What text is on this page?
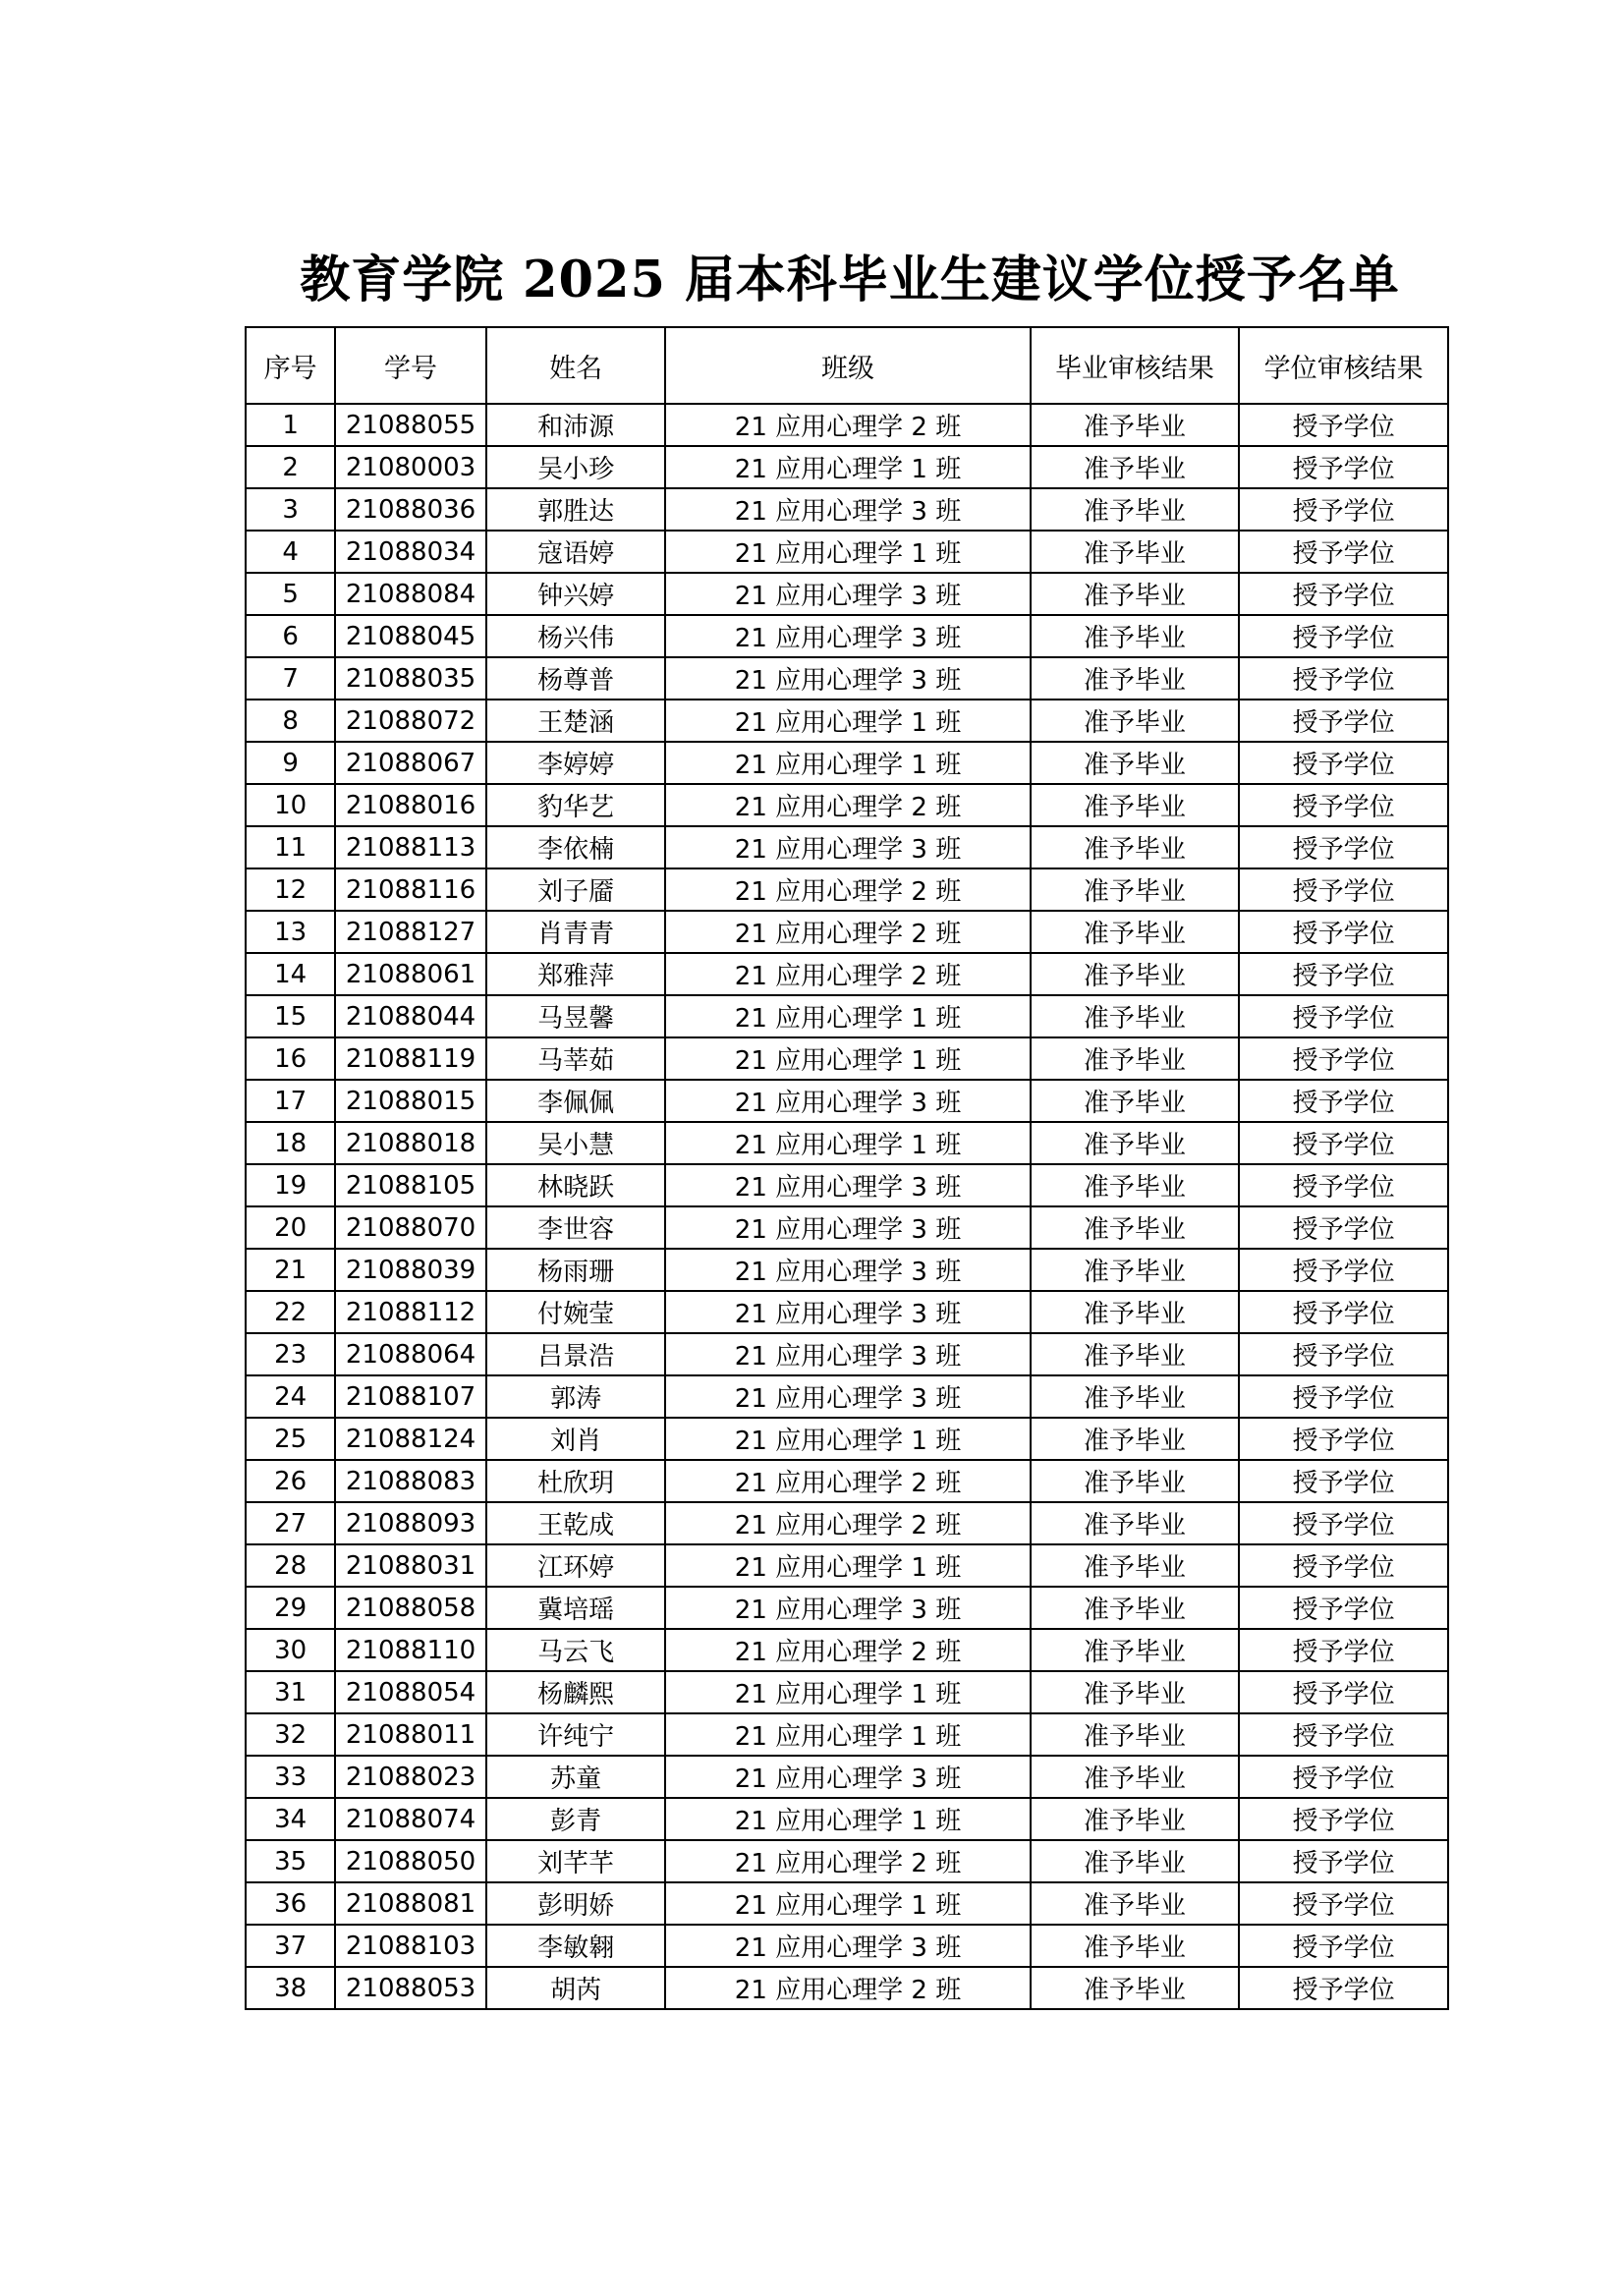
教育学院 2025 届本科毕业生建议学位授予名单
序号	学号	姓名	班级	毕业审核结果	学位审核结果
1	21088055	和沛源	21 应用心理学 2 班	准予毕业	授予学位
2	21080003	吴小珍	21 应用心理学 1 班	准予毕业	授予学位
3	21088036	郭胜达	21 应用心理学 3 班	准予毕业	授予学位
4	21088034	寇语婷	21 应用心理学 1 班	准予毕业	授予学位
5	21088084	钟兴婷	21 应用心理学 3 班	准予毕业	授予学位
6	21088045	杨兴伟	21 应用心理学 3 班	准予毕业	授予学位
7	21088035	杨尊普	21 应用心理学 3 班	准予毕业	授予学位
8	21088072	王楚涵	21 应用心理学 1 班	准予毕业	授予学位
9	21088067	李婷婷	21 应用心理学 1 班	准予毕业	授予学位
10	21088016	豹华艺	21 应用心理学 2 班	准予毕业	授予学位
11	21088113	李依楠	21 应用心理学 3 班	准予毕业	授予学位
12	21088116	刘子靥	21 应用心理学 2 班	准予毕业	授予学位
13	21088127	肖青青	21 应用心理学 2 班	准予毕业	授予学位
14	21088061	郑雅萍	21 应用心理学 2 班	准予毕业	授予学位
15	21088044	马昱馨	21 应用心理学 1 班	准予毕业	授予学位
16	21088119	马莘茹	21 应用心理学 1 班	准予毕业	授予学位
17	21088015	李佩佩	21 应用心理学 3 班	准予毕业	授予学位
18	21088018	吴小慧	21 应用心理学 1 班	准予毕业	授予学位
19	21088105	林晓跃	21 应用心理学 3 班	准予毕业	授予学位
20	21088070	李世容	21 应用心理学 3 班	准予毕业	授予学位
21	21088039	杨雨珊	21 应用心理学 3 班	准予毕业	授予学位
22	21088112	付婉莹	21 应用心理学 3 班	准予毕业	授予学位
23	21088064	吕景浩	21 应用心理学 3 班	准予毕业	授予学位
24	21088107	郭涛	21 应用心理学 3 班	准予毕业	授予学位
25	21088124	刘肖	21 应用心理学 1 班	准予毕业	授予学位
26	21088083	杜欣玥	21 应用心理学 2 班	准予毕业	授予学位
27	21088093	王乾成	21 应用心理学 2 班	准予毕业	授予学位
28	21088031	江环婷	21 应用心理学 1 班	准予毕业	授予学位
29	21088058	冀培瑶	21 应用心理学 3 班	准予毕业	授予学位
30	21088110	马云飞	21 应用心理学 2 班	准予毕业	授予学位
31	21088054	杨麟熙	21 应用心理学 1 班	准予毕业	授予学位
32	21088011	许纯宁	21 应用心理学 1 班	准予毕业	授予学位
33	21088023	苏童	21 应用心理学 3 班	准予毕业	授予学位
34	21088074	彭青	21 应用心理学 1 班	准予毕业	授予学位
35	21088050	刘芊芊	21 应用心理学 2 班	准予毕业	授予学位
36	21088081	彭明娇	21 应用心理学 1 班	准予毕业	授予学位
37	21088103	李敏翱	21 应用心理学 3 班	准予毕业	授予学位
38	21088053	胡芮	21 应用心理学 2 班	准予毕业	授予学位
